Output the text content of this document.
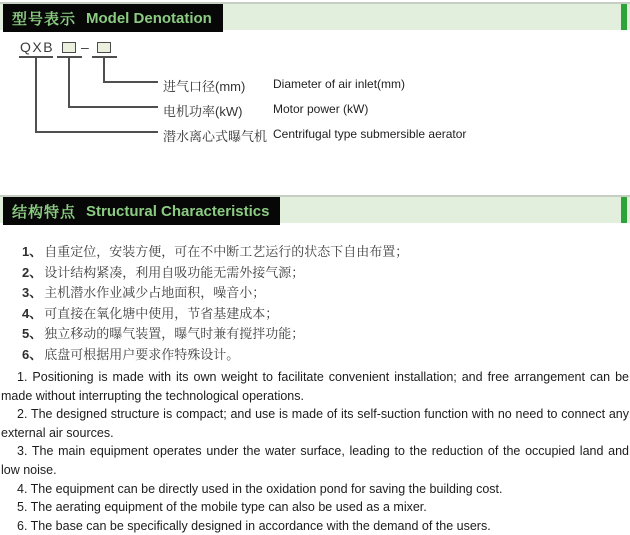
型号表示 Model Denotation
QXB –
进气口径(mm) Diameter of air inlet(mm)
电机功率(kW)	Motor power (kW)
潜水离心式曝气机 Centrifugal type submersible aerator
结构特点 Structural Characteristics
1、 自重定位，安装方便，可在不中断工艺运行的状态下自由布置；
2、 设计结构紧凑，利用自吸功能无需外接气源；
3、 主机潜水作业减少占地面积，噪音小；
4、 可直接在氧化塘中使用，节省基建成本；
5、 独立移动的曝气装置，曝气时兼有搅拌功能；
6、 底盘可根据用户要求作特殊设计。

1. Positioning is made with its own weight to facilitate convenient installation; and free arrangement can be made without interrupting the technological operations.

2. The designed structure is compact; and use is made of its self-suction function with no need to connect any external air sources.

3. The main equipment operates under the water surface, leading to the reduction of the occupied land and low noise.

4. The equipment can be directly used in the oxidation pond for saving the building cost.

5. The aerating equipment of the mobile type can also be used as a mixer.

6. The base can be specifically designed in accordance with the demand of the users.
